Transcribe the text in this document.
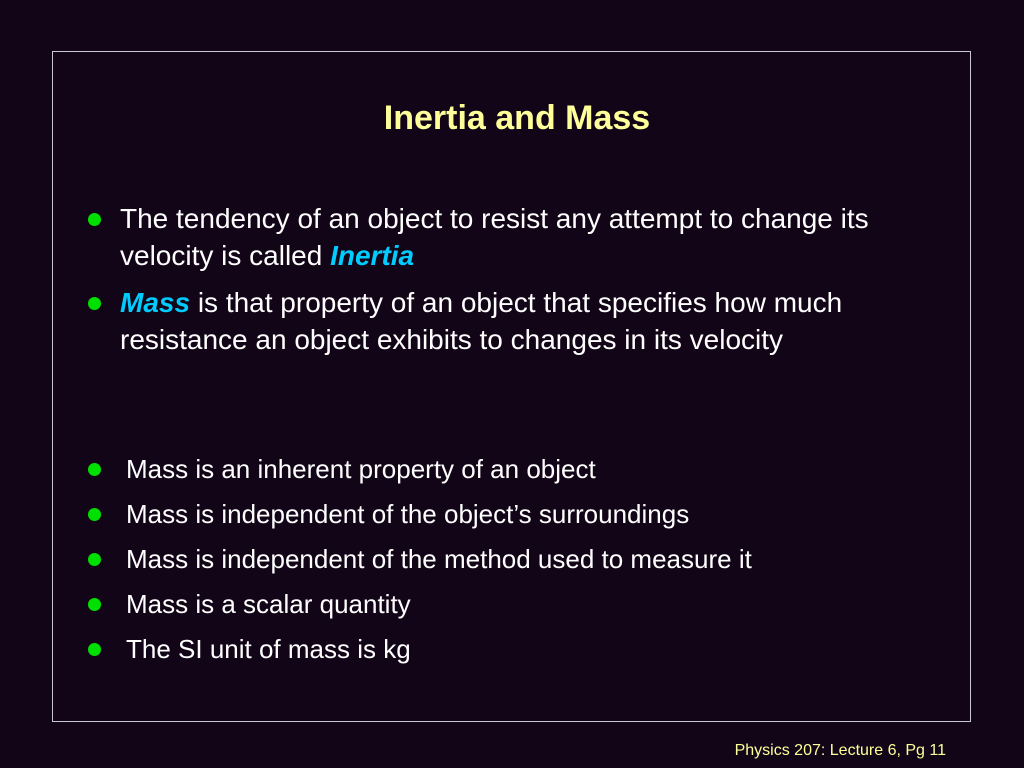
Inertia and Mass
The tendency of an object to resist any attempt to change its velocity is called Inertia
Mass is that property of an object that specifies how much resistance an object exhibits to changes in its velocity
Mass is an inherent property of an object
Mass is independent of the object’s surroundings
Mass is independent of the method used to measure it
Mass is a scalar quantity
The SI unit of mass is kg
Physics 207: Lecture 6, Pg 11
